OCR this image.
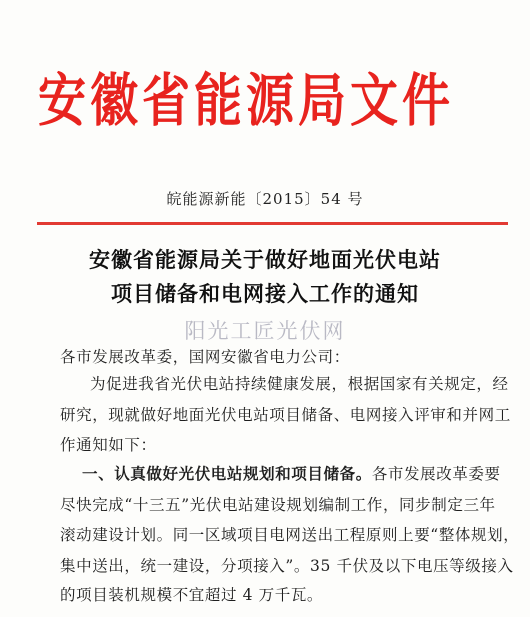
安徽省能源局文件
皖能源新能〔2015〕54 号
安徽省能源局关于做好地面光伏电站
项目储备和电网接入工作的通知
阳光工匠光伏网
各市发展改革委，国网安徽省电力公司：
为促进我省光伏电站持续健康发展，根据国家有关规定，经
研究，现就做好地面光伏电站项目储备、电网接入评审和并网工
作通知如下：
一、认真做好光伏电站规划和项目储备。各市发展改革委要
尽快完成“十三五”光伏电站建设规划编制工作，同步制定三年
滚动建设计划。同一区域项目电网送出工程原则上要“整体规划，
集中送出，统一建设，分项接入”。35 千伏及以下电压等级接入
的项目装机规模不宜超过 4 万千瓦。
